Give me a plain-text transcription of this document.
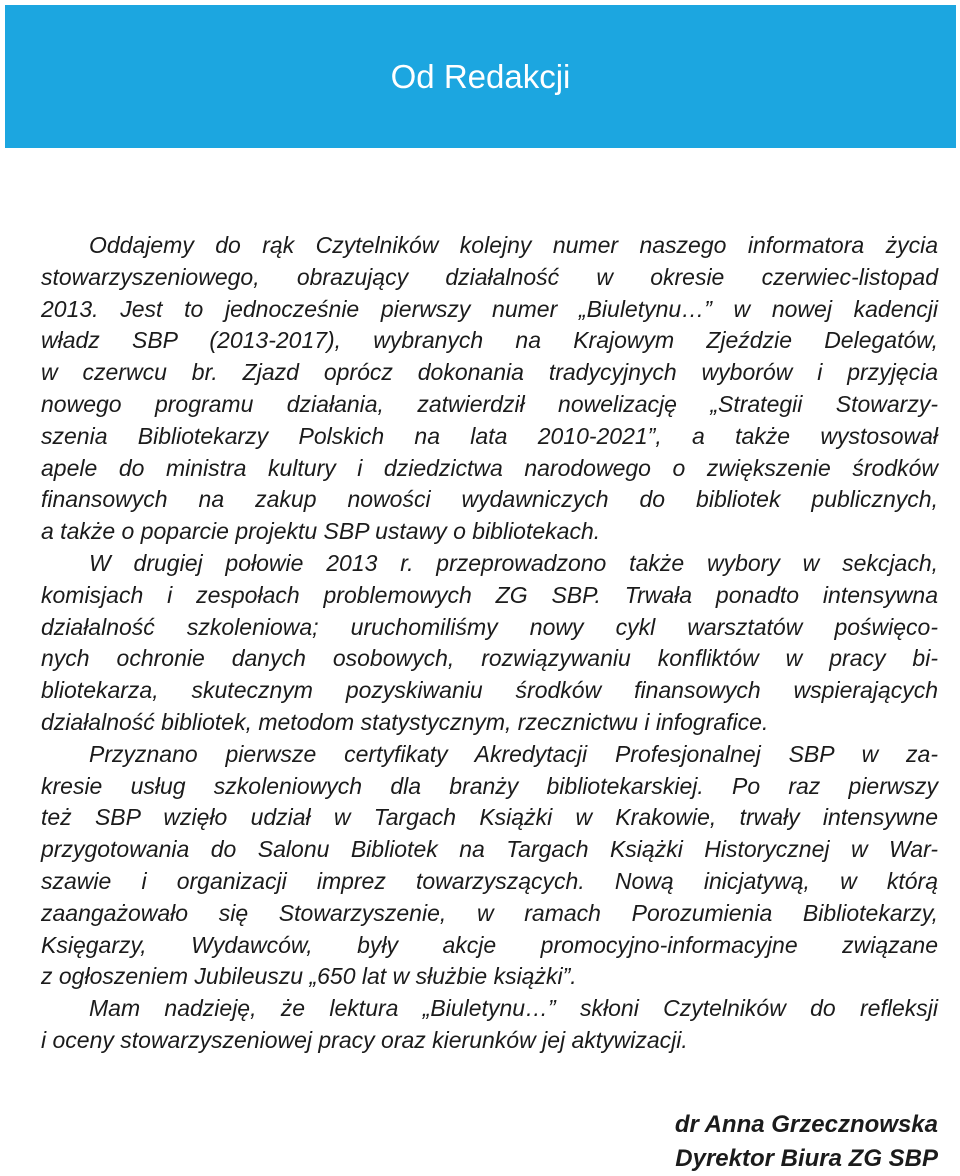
Od Redakcji
Oddajemy do rąk Czytelników kolejny numer naszego informatora życia
stowarzyszeniowego, obrazujący działalność w okresie czerwiec-listopad
2013. Jest to jednocześnie pierwszy numer „Biuletynu…” w nowej kadencji
władz SBP (2013-2017), wybranych na Krajowym Zjeździe Delegatów,
w czerwcu br. Zjazd oprócz dokonania tradycyjnych wyborów i przyjęcia
nowego programu działania, zatwierdził nowelizację „Strategii Stowarzy-
szenia Bibliotekarzy Polskich na lata 2010-2021”, a także wystosował
apele do ministra kultury i dziedzictwa narodowego o zwiększenie środków
finansowych na zakup nowości wydawniczych do bibliotek publicznych,
a także o poparcie projektu SBP ustawy o bibliotekach.
W drugiej połowie 2013 r. przeprowadzono także wybory w sekcjach,
komisjach i zespołach problemowych ZG SBP. Trwała ponadto intensywna
działalność szkoleniowa; uruchomiliśmy nowy cykl warsztatów poświęco-
nych ochronie danych osobowych, rozwiązywaniu konfliktów w pracy bi-
bliotekarza, skutecznym pozyskiwaniu środków finansowych wspierających
działalność bibliotek, metodom statystycznym, rzecznictwu i infografice.
Przyznano pierwsze certyfikaty Akredytacji Profesjonalnej SBP w za-
kresie usług szkoleniowych dla branży bibliotekarskiej. Po raz pierwszy
też SBP wzięło udział w Targach Książki w Krakowie, trwały intensywne
przygotowania do Salonu Bibliotek na Targach Książki Historycznej w War-
szawie i organizacji imprez towarzyszących. Nową inicjatywą, w którą
zaangażowało się Stowarzyszenie, w ramach Porozumienia Bibliotekarzy,
Księgarzy, Wydawców, były akcje promocyjno-informacyjne związane
z ogłoszeniem Jubileuszu „650 lat w służbie książki”.
Mam nadzieję, że lektura „Biuletynu…” skłoni Czytelników do refleksji
i oceny stowarzyszeniowej pracy oraz kierunków jej aktywizacji.
dr Anna Grzecznowska
Dyrektor Biura ZG SBP
